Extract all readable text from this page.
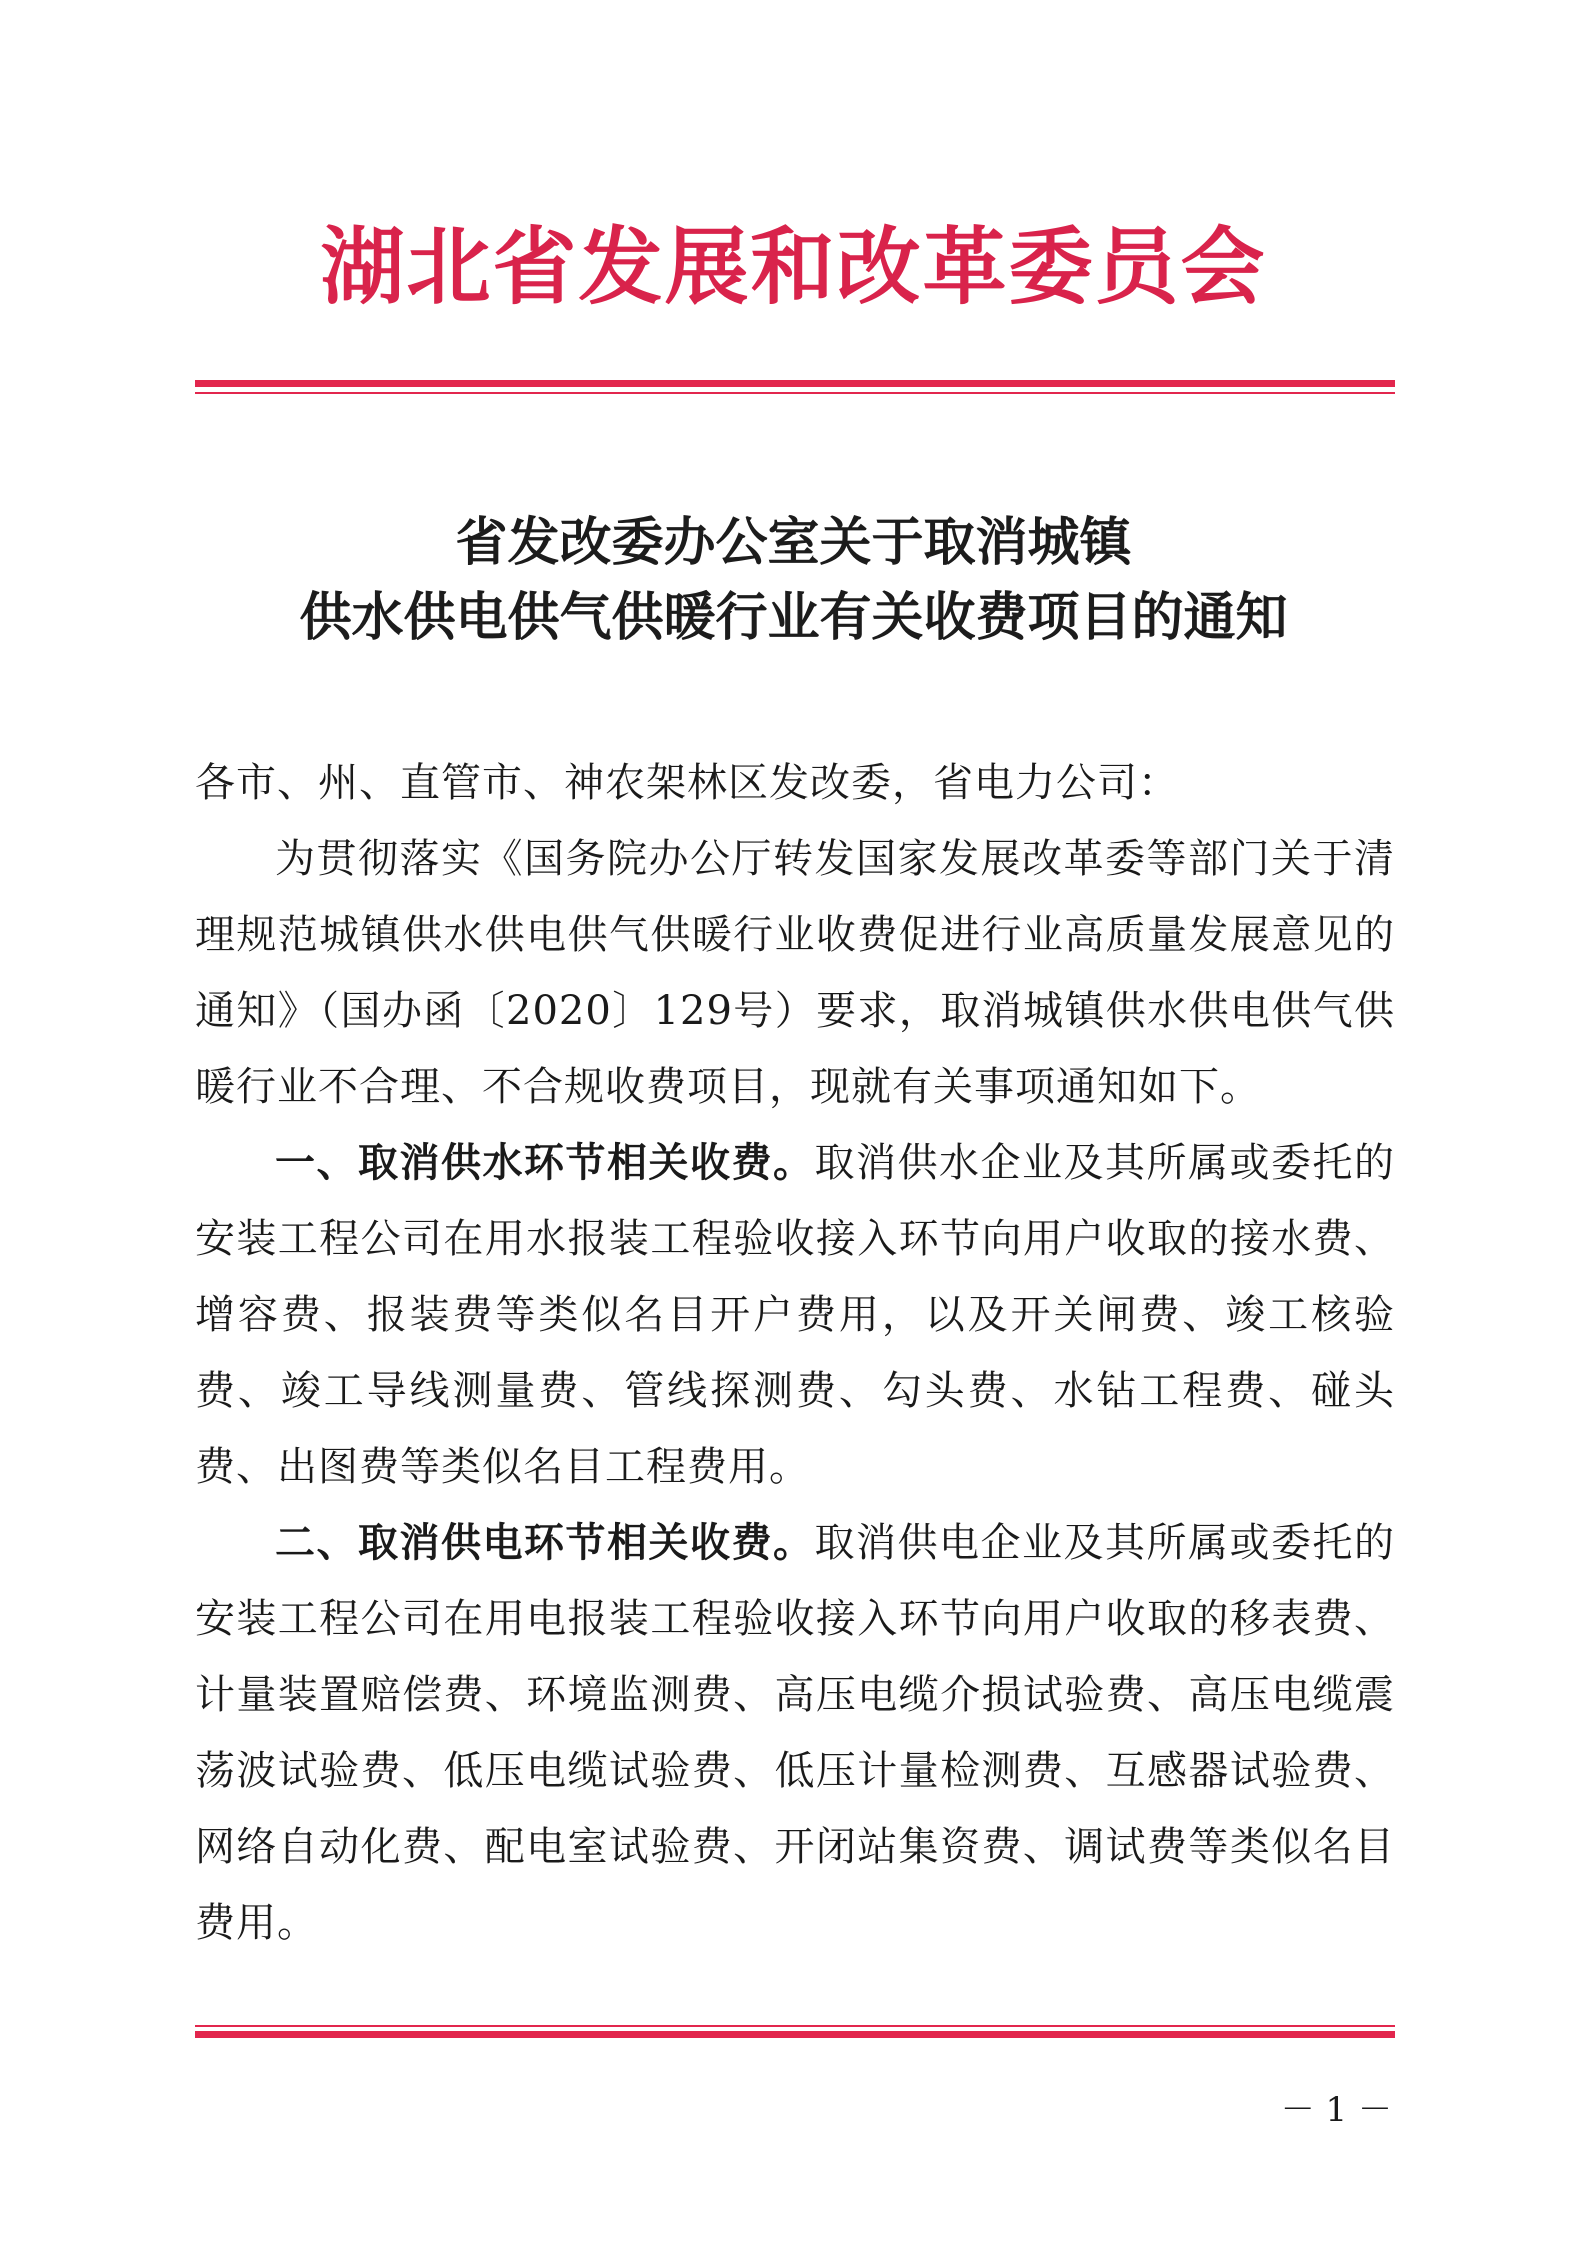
湖北省发展和改革委员会
省发改委办公室关于取消城镇
供水供电供气供暖行业有关收费项目的通知

各市、州、直管市、神农架林区发改委，省电力公司：

为贯彻落实《国务院办公厅转发国家发展改革委等部门关于清理规范城镇供水供电供气供暖行业收费促进行业高质量发展意见的通知》（国办函〔2020〕129号）要求，取消城镇供水供电供气供暖行业不合理、不合规收费项目，现就有关事项通知如下。

一、取消供水环节相关收费。取消供水企业及其所属或委托的安装工程公司在用水报装工程验收接入环节向用户收取的接水费、增容费、报装费等类似名目开户费用，以及开关闸费、竣工核验费、竣工导线测量费、管线探测费、勾头费、水钻工程费、碰头费、出图费等类似名目工程费用。

二、取消供电环节相关收费。取消供电企业及其所属或委托的安装工程公司在用电报装工程验收接入环节向用户收取的移表费、计量装置赔偿费、环境监测费、高压电缆介损试验费、高压电缆震荡波试验费、低压电缆试验费、低压计量检测费、互感器试验费、网络自动化费、配电室试验费、开闭站集资费、调试费等类似名目费用。

－ 1 －
